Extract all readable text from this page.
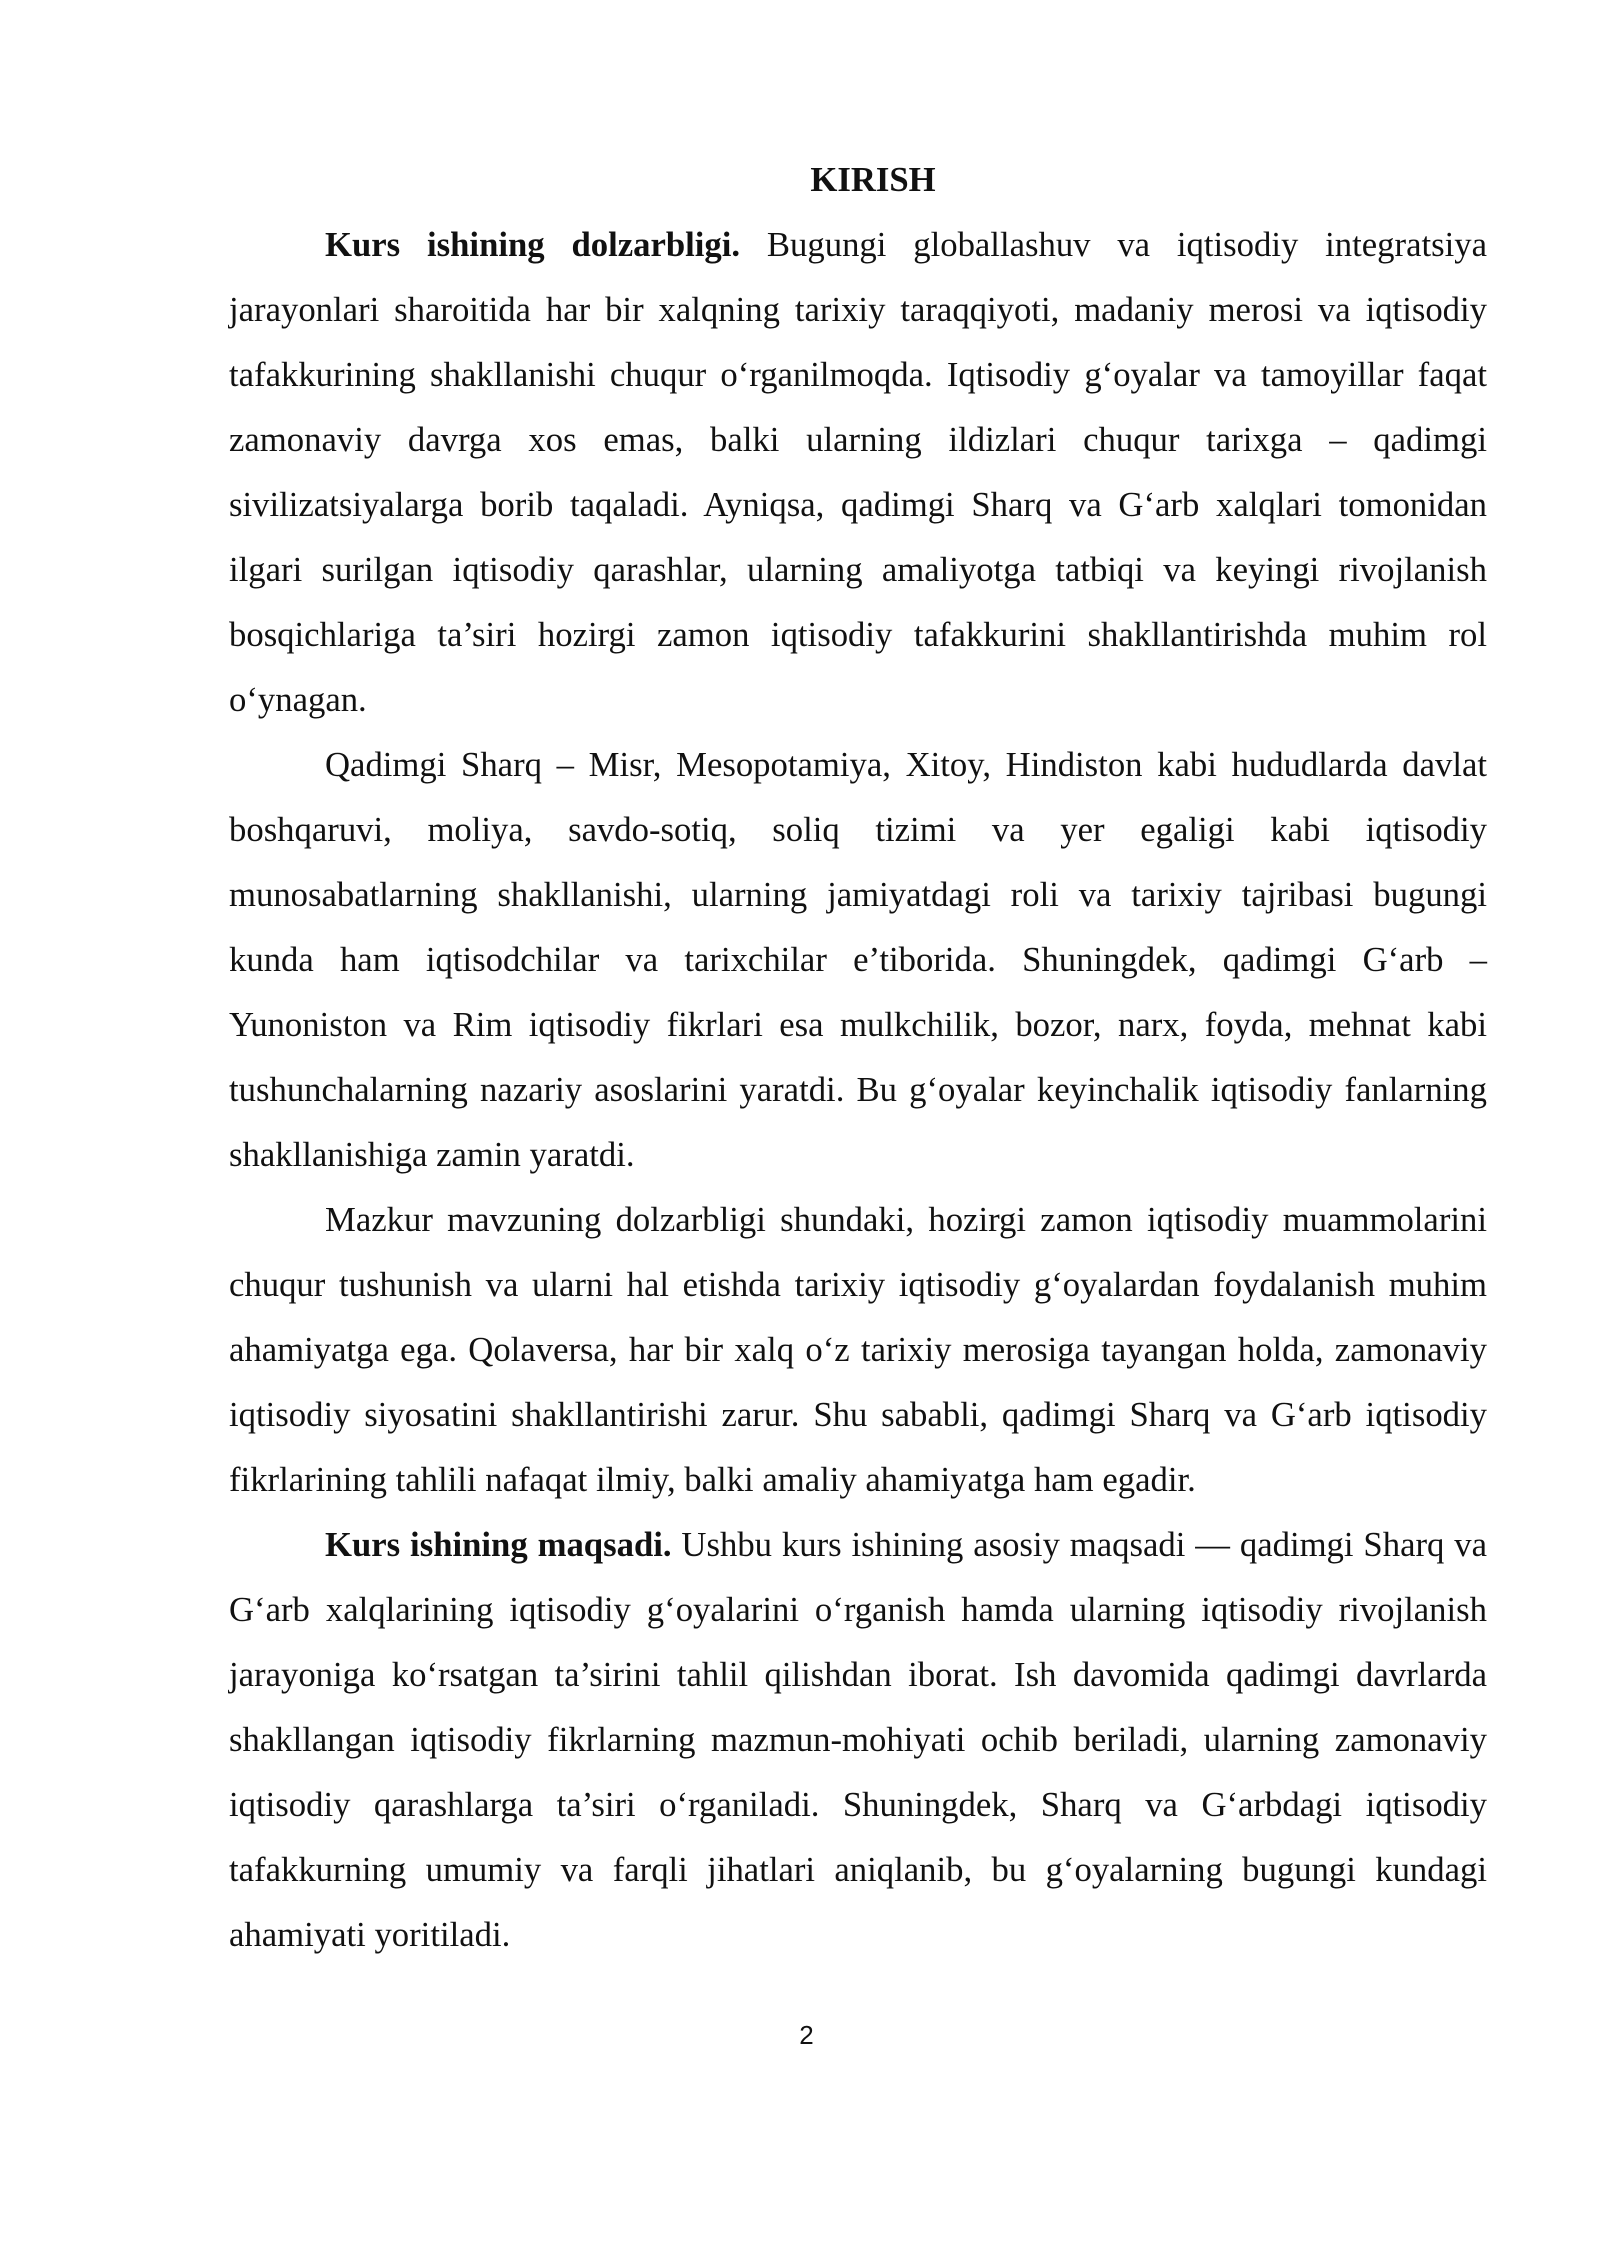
KIRISH

Kurs ishining dolzarbligi. Bugungi globallashuv va iqtisodiy integratsiya jarayonlari sharoitida har bir xalqning tarixiy taraqqiyoti, madaniy merosi va iqtisodiy tafakkurining shakllanishi chuqur o‘rganilmoqda. Iqtisodiy g‘oyalar va tamoyillar faqat zamonaviy davrga xos emas, balki ularning ildizlari chuqur tarixga – qadimgi sivilizatsiyalarga borib taqaladi. Ayniqsa, qadimgi Sharq va G‘arb xalqlari tomonidan ilgari surilgan iqtisodiy qarashlar, ularning amaliyotga tatbiqi va keyingi rivojlanish bosqichlariga ta’siri hozirgi zamon iqtisodiy tafakkurini shakllantirishda muhim rol o‘ynagan.

Qadimgi Sharq – Misr, Mesopotamiya, Xitoy, Hindiston kabi hududlarda davlat boshqaruvi, moliya, savdo-sotiq, soliq tizimi va yer egaligi kabi iqtisodiy munosabatlarning shakllanishi, ularning jamiyatdagi roli va tarixiy tajribasi bugungi kunda ham iqtisodchilar va tarixchilar e’tiborida. Shuningdek, qadimgi G‘arb – Yunoniston va Rim iqtisodiy fikrlari esa mulkchilik, bozor, narx, foyda, mehnat kabi tushunchalarning nazariy asoslarini yaratdi. Bu g‘oyalar keyinchalik iqtisodiy fanlarning shakllanishiga zamin yaratdi.

Mazkur mavzuning dolzarbligi shundaki, hozirgi zamon iqtisodiy muammolarini chuqur tushunish va ularni hal etishda tarixiy iqtisodiy g‘oyalardan foydalanish muhim ahamiyatga ega. Qolaversa, har bir xalq o‘z tarixiy merosiga tayangan holda, zamonaviy iqtisodiy siyosatini shakllantirishi zarur. Shu sababli, qadimgi Sharq va G‘arb iqtisodiy fikrlarining tahlili nafaqat ilmiy, balki amaliy ahamiyatga ham egadir.

Kurs ishining maqsadi. Ushbu kurs ishining asosiy maqsadi — qadimgi Sharq va G‘arb xalqlarining iqtisodiy g‘oyalarini o‘rganish hamda ularning iqtisodiy rivojlanish jarayoniga ko‘rsatgan ta’sirini tahlil qilishdan iborat. Ish davomida qadimgi davrlarda shakllangan iqtisodiy fikrlarning mazmun-mohiyati ochib beriladi, ularning zamonaviy iqtisodiy qarashlarga ta’siri o‘rganiladi. Shuningdek, Sharq va G‘arbdagi iqtisodiy tafakkurning umumiy va farqli jihatlari aniqlanib, bu g‘oyalarning bugungi kundagi ahamiyati yoritiladi.

2
